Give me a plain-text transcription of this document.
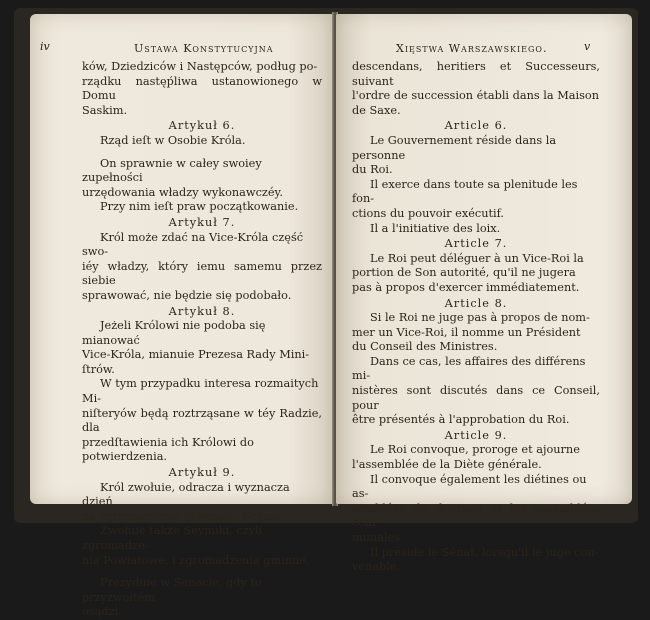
iv	Ustawa Konstytucyjna

ków, Dziedziców i Następców, podług po-

rządku nastęṕliwa ustanowionego w Domu

Saskim.

Artykuł 6.

Rząd ieſt w Osobie Króla.

On sprawnie w całey swoiey zupełności

urzędowania władzy wykonawczéy.

Przy nim ieſt praw początkowanie.

Artykuł 7.

Król może zdać na Vice-Króla część swo-

iéy władzy, który iemu samemu przez siebie

sprawować, nie będzie się podobało.

Artykuł 8.

Jeżeli Królowi nie podoba się mianować

Vice-Króla, mianuie Prezesa Rady Mini-

ſtrów.

W tym przypadku interesa rozmaitych Mi-

niſteryów będą roztrząsane w téy Radzie, dla

przedſtawienia ich Królowi do potwierdzenia.

Artykuł 9.

Król zwołuie, odracza i wyznacza dzień

na zgromadzenie głównego Seymu.

Zwołuie także Seymiki, czyli zgromadze-

nia Powiatowe, i zgromadzenia gminne.

Prezyduie w Senacie, gdy to przyzwoitém

osądzi.

Xięstwa Warszawskiego.	v

descendans, heritiers et Successeurs, suivant

l'ordre de succession établi dans la Maison

de Saxe.

Article 6.

Le Gouvernement réside dans la personne

du Roi.

Il exerce dans toute sa plenitude les fon-

ctions du pouvoir exécutif.

Il a l'initiative des loix.

Article 7.

Le Roi peut déléguer à un Vice-Roi la

portion de Son autorité, qu'il ne jugera

pas à propos d'exercer immédiatement.

Article 8.

Si le Roi ne juge pas à propos de nom-

mer un Vice-Roi, il nomme un Président

du Conseil des Ministres.

Dans ce cas, les affaires des différens mi-

nistères sont discutés dans ce Conseil, pour

être présentés à l'approbation du Roi.

Article 9.

Le Roi convoque, proroge et ajourne

l'assemblée de la Diète générale.

Il convoque également les diétines ou as-

semblées de districts et les assemblées com-

munales.

Il préside le Sénat, lorsqu'il le juge con-

venable.
